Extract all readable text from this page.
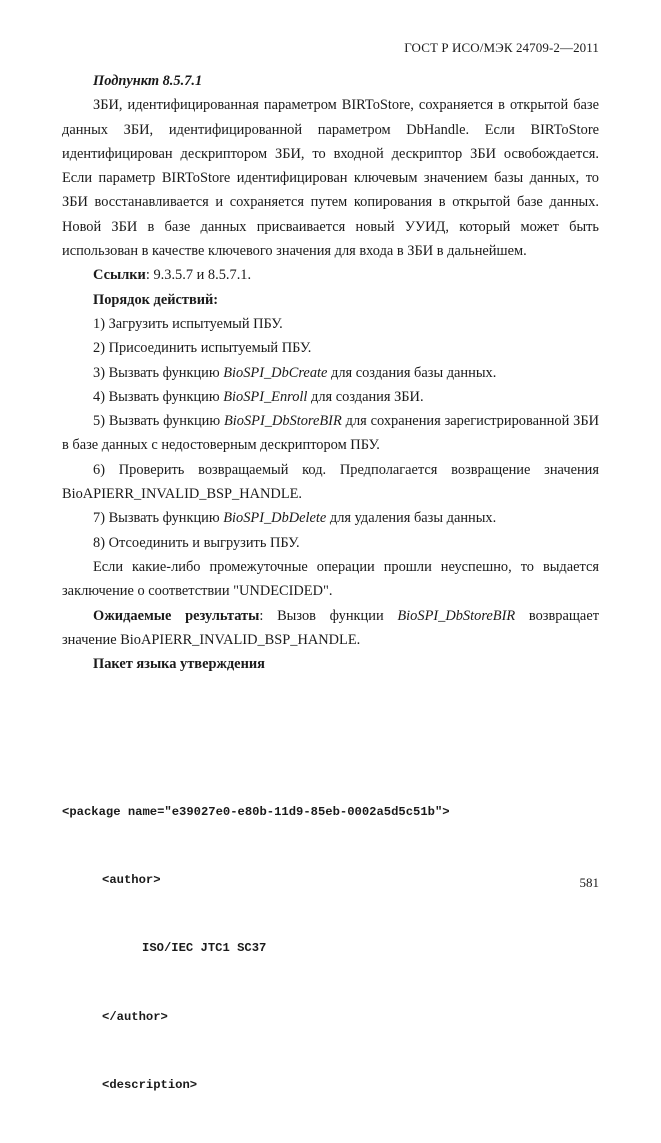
ГОСТ Р ИСО/МЭК 24709-2—2011

Подпункт 8.5.7.1

ЗБИ, идентифицированная параметром BIRToStore, сохраняется в открытой базе данных ЗБИ, идентифицированной параметром DbHandle. Если BIRToStore идентифицирован дескриптором ЗБИ, то входной дескриптор ЗБИ освобождается. Если параметр BIRToStore идентифицирован ключевым значением базы данных, то ЗБИ восстанавливается и сохраняется путем копирования в открытой базе данных. Новой ЗБИ в базе данных присваивается новый УУИД, который может быть использован в качестве ключевого значения для входа в ЗБИ в дальнейшем.

Ссылки: 9.3.5.7 и 8.5.7.1.

Порядок действий:

1) Загрузить испытуемый ПБУ.

2) Присоединить испытуемый ПБУ.

3) Вызвать функцию BioSPI_DbCreate для создания базы данных.

4) Вызвать функцию BioSPI_Enroll для создания ЗБИ.

5) Вызвать функцию BioSPI_DbStoreBIR для сохранения зарегистрированной ЗБИ в базе данных с недостоверным дескриптором ПБУ.

6) Проверить возвращаемый код. Предполагается возвращение значения BioAPIERR_INVALID_BSP_HANDLE.

7) Вызвать функцию BioSPI_DbDelete для удаления базы данных.

8) Отсоединить и выгрузить ПБУ.

Если какие-либо промежуточные операции прошли неуспешно, то выдается заключение о соответствии "UNDECIDED".

Ожидаемые результаты: Вызов функции BioSPI_DbStoreBIR возвращает значение BioAPIERR_INVALID_BSP_HANDLE.

Пакет языка утверждения

<package name="e39027e0-e80b-11d9-85eb-0002a5d5c51b">

<author>

ISO/IEC JTC1 SC37

</author>

<description>

581
